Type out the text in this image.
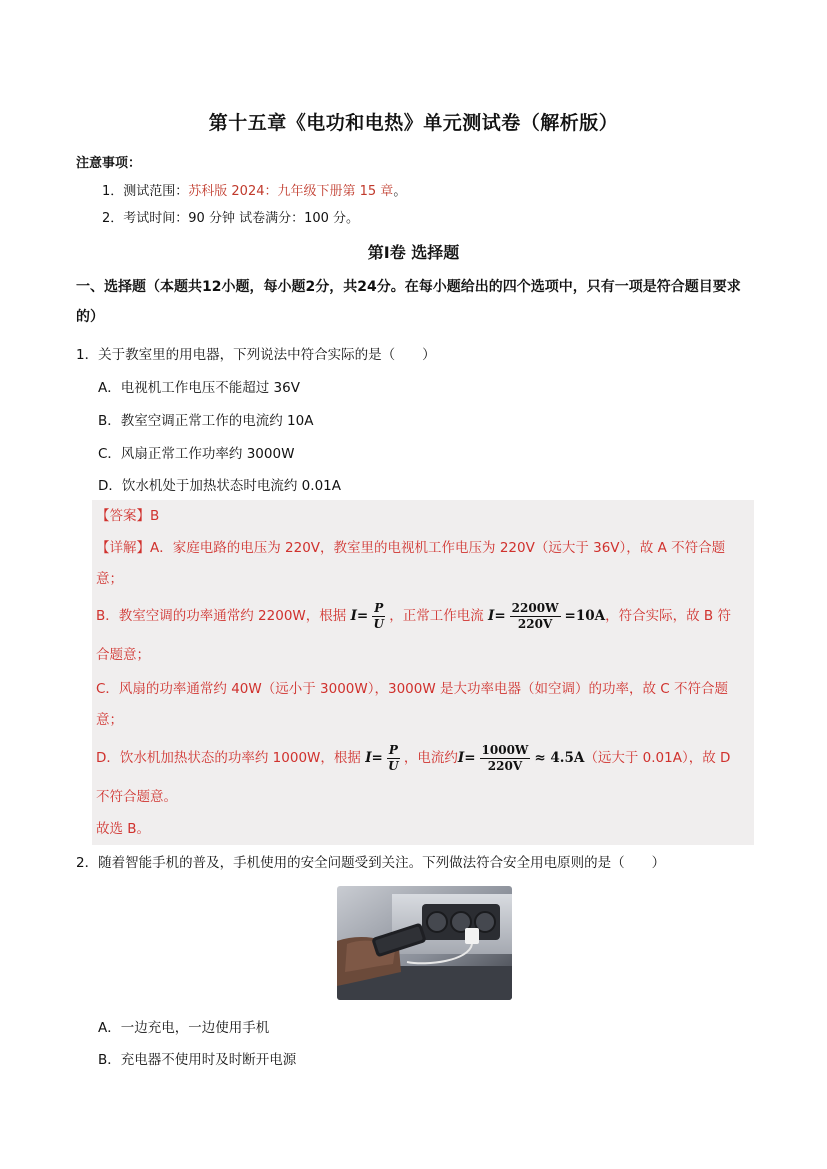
第十五章《电功和电热》单元测试卷（解析版）
注意事项：
1．测试范围：苏科版 2024：九年级下册第 15 章。
2．考试时间：90 分钟 试卷满分：100 分。
第Ⅰ卷 选择题
一、选择题（本题共12小题，每小题2分，共24分。在每小题给出的四个选项中，只有一项是符合题目要求的）
1．关于教室里的用电器，下列说法中符合实际的是（　　）
A．电视机工作电压不能超过 36V
B．教室空调正常工作的电流约 10A
C．风扇正常工作功率约 3000W
D．饮水机处于加热状态时电流约 0.01A
【答案】B
【详解】A．家庭电路的电压为 220V，教室里的电视机工作电压为 220V（远大于 36V），故 A 不符合题
意；
B．教室空调的功率通常约 2200W，根据 $I= \frac{P}{U}$ ，正常工作电流 $I= \frac{2200W}{220V} =10A$，符合实际，故 B 符
合题意；
C．风扇的功率通常约 40W（远小于 3000W），3000W 是大功率电器（如空调）的功率，故 C 不符合题
意；
D．饮水机加热状态的功率约 1000W，根据 $I= \frac{P}{U}$ ，电流约$I= \frac{1000W}{220V} \approx 4.5A$（远大于 0.01A），故 D
不符合题意。
故选 B。
2．随着智能手机的普及，手机使用的安全问题受到关注。下列做法符合安全用电原则的是（　　）
A．一边充电，一边使用手机
B．充电器不使用时及时断开电源
